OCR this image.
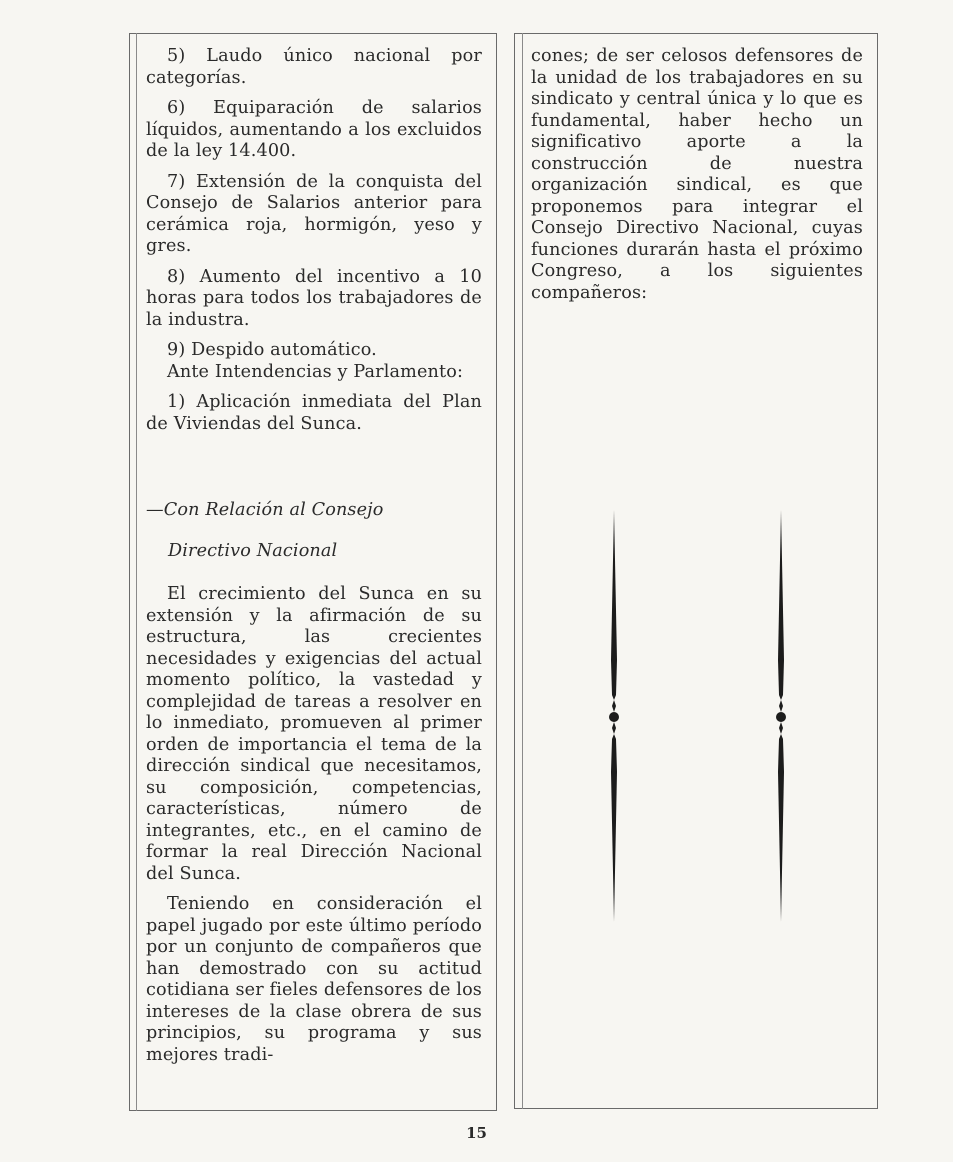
5) Laudo único nacional por categorías.

6) Equiparación de salarios líquidos, aumentando a los excluidos de la ley 14.400.

7) Extensión de la conquista del Consejo de Salarios anterior para cerámica roja, hormigón, yeso y gres.

8) Aumento del incentivo a 10 horas para todos los trabajadores de la industra.

9) Despido automático.

Ante Intendencias y Parlamento:

1) Aplicación inmediata del Plan de Viviendas del Sunca.

—Con Relación al Consejo

Directivo Nacional

El crecimiento del Sunca en su extensión y la afirmación de su estructura, las crecientes necesidades y exigencias del actual momento político, la vastedad y complejidad de tareas a resolver en lo inmediato, promueven al primer orden de importancia el tema de la dirección sindical que necesitamos, su composición, competencias, características, número de integrantes, etc., en el camino de formar la real Dirección Nacional del Sunca.

Teniendo en consideración el papel jugado por este último período por un conjunto de compañeros que han demostrado con su actitud cotidiana ser fieles defensores de los intereses de la clase obrera de sus principios, su programa y sus mejores tradi-

cones; de ser celosos defensores de la unidad de los trabajadores en su sindicato y central única y lo que es fundamental, haber hecho un significativo aporte a la construcción de nuestra organización sindical, es que proponemos para integrar el Consejo Directivo Nacional, cuyas funciones durarán hasta el próximo Congreso, a los siguientes compañeros:

15
